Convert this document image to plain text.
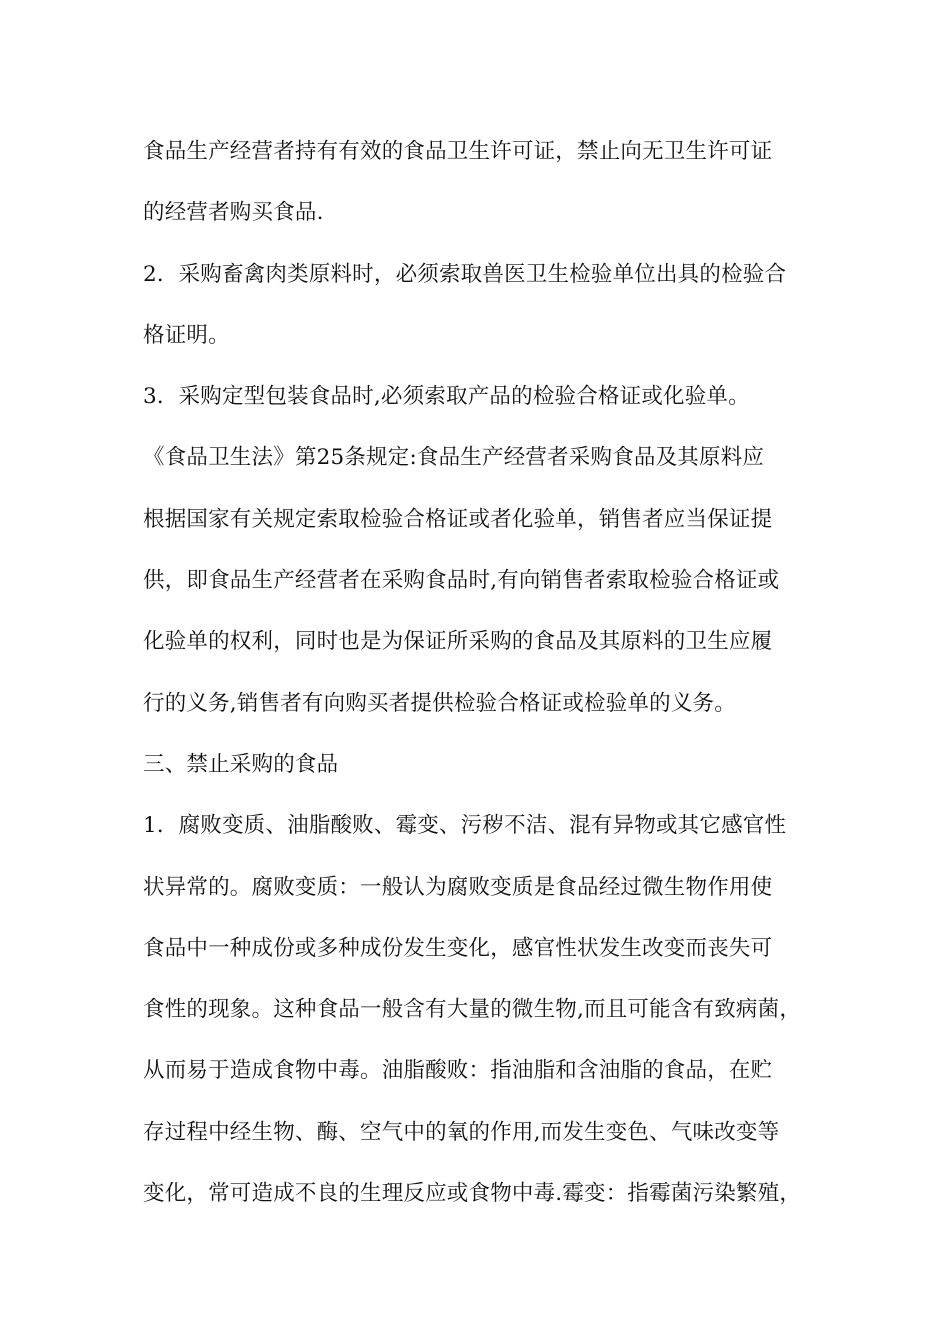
食品生产经营者持有有效的食品卫生许可证，禁止向无卫生许可证
的经营者购买食品.
2．采购畜禽肉类原料时，必须索取兽医卫生检验单位出具的检验合
格证明。
3．采购定型包装食品时,必须索取产品的检验合格证或化验单。
《食品卫生法》第25条规定:食品生产经营者采购食品及其原料应
根据国家有关规定索取检验合格证或者化验单，销售者应当保证提
供，即食品生产经营者在采购食品时,有向销售者索取检验合格证或
化验单的权利，同时也是为保证所采购的食品及其原料的卫生应履
行的义务,销售者有向购买者提供检验合格证或检验单的义务。
三、禁止采购的食品
1．腐败变质、油脂酸败、霉变、污秽不洁、混有异物或其它感官性
状异常的。腐败变质：一般认为腐败变质是食品经过微生物作用使
食品中一种成份或多种成份发生变化，感官性状发生改变而丧失可
食性的现象。这种食品一般含有大量的微生物,而且可能含有致病菌，
从而易于造成食物中毒。油脂酸败：指油脂和含油脂的食品，在贮
存过程中经生物、酶、空气中的氧的作用,而发生变色、气味改变等
变化，常可造成不良的生理反应或食物中毒.霉变：指霉菌污染繁殖，
